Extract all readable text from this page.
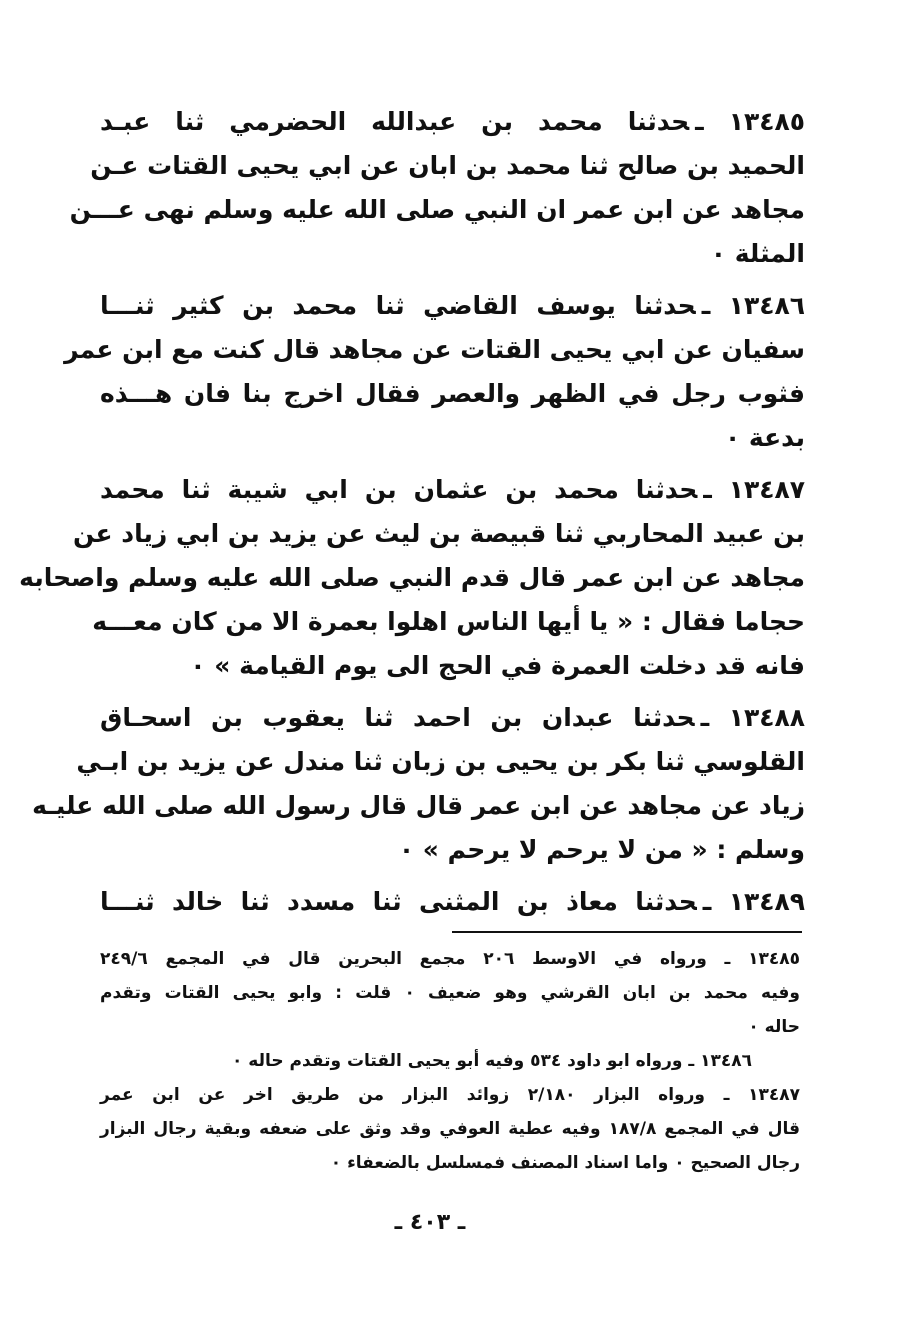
١٣٤٨٥ ـحدثنا محمد بن عبدالله الحضرمي ثنا عبـد
الحميد بن صالح ثنا محمد بن ابان عن ابي يحيى القتات عـن
مجاهد عن ابن عمر ان النبي صلى الله عليه وسلم نهى عـــن
المثلة ٠
١٣٤٨٦ ـحدثنا يوسف القاضي ثنا محمد بن كثير ثنـــا
سفيان عن ابي يحيى القتات عن مجاهد قال كنت مع ابن عمر
فثوب رجل في الظهر والعصر فقال اخرج بنا فان هـــذه
بدعة ٠
١٣٤٨٧ ـحدثنا محمد بن عثمان بن ابي شيبة ثنا محمد
بن عبيد المحاربي ثنا قبيصة بن ليث عن يزيد بن ابي زياد عن
مجاهد عن ابن عمر قال قدم النبي صلى الله عليه وسلم واصحابه
حجاما فقال : « يا أيها الناس اهلوا بعمرة الا من كان معـــه
فانه قد دخلت العمرة في الحج الى يوم القيامة » ٠
١٣٤٨٨ ـحدثنا عبدان بن احمد ثنا يعقوب بن اسحـاق
القلوسي ثنا بكر بن يحيى بن زبان ثنا مندل عن يزيد بن ابـي
زياد عن مجاهد عن ابن عمر قال قال رسول الله صلى الله عليـه
وسلم : « من لا يرحم لا يرحم » ٠
١٣٤٨٩ ـحدثنا معاذ بن المثنى ثنا مسدد ثنا خالد ثنـــا
١٣٤٨٥ ـ ورواه في الاوسط ٢٠٦ مجمع البحرين قال في المجمع ٢٤٩/٦
وفيه محمد بن ابان القرشي وهو ضعيف ٠ قلت : وابو يحيى القتات وتقدم
حاله ٠
١٣٤٨٦ ـ ورواه ابو داود ٥٣٤ وفيه أبو يحيى القتات وتقدم حاله ٠
١٣٤٨٧ ـ ورواه البزار ٢/١٨٠ زوائد البزار من طريق اخر عن ابن عمر
قال في المجمع ١٨٧/٨ وفيه عطية العوفي وقد وثق على ضعفه وبقية رجال البزار
رجال الصحيح ٠ واما اسناد المصنف فمسلسل بالضعفاء ٠
ـ ٤٠٣ ـ
